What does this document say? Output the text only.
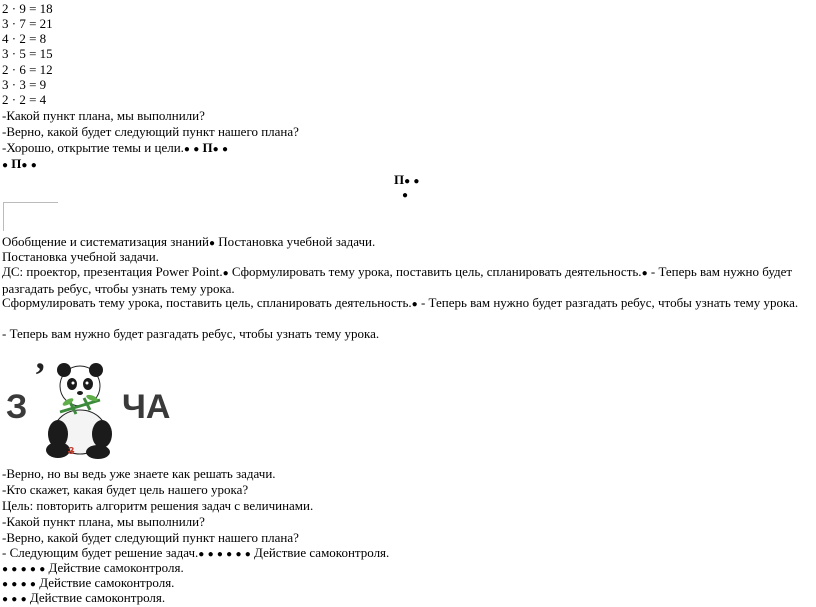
2 · 9 = 18
3 · 7 = 21
4 · 2 = 8
3 · 5 = 15
2 · 6 = 12
3 · 3 = 9
2 · 2 = 4
-Какой пункт плана, мы выполнили?
-Верно, какой будет следующий пункт нашего плана?
-Хорошо, открытие темы и цели.● ● П● ●
● П● ●
П● ●
●
Обобщение и систематизация знаний● Постановка учебной задачи.
Постановка учебной задачи.
ДС: проектор, презентация Power Point.● Сформулировать тему урока, поставить цель, спланировать деятельность.● - Теперь вам нужно будет разгадать ребус, чтобы узнать тему урока.
Сформулировать тему урока, поставить цель, спланировать деятельность.● - Теперь вам нужно будет разгадать ребус, чтобы узнать тему урока.
- Теперь вам нужно будет разгадать ребус, чтобы узнать тему урока.
З
’
ЧА
З
-Верно, но вы ведь уже знаете как решать задачи.
-Кто скажет, какая будет цель нашего урока?
Цель: повторить алгоритм решения задач с величинами.
-Какой пункт плана, мы выполнили?
-Верно, какой будет следующий пункт нашего плана?
- Следующим будет решение задач.● ● ● ● ● ● Действие самоконтроля.
● ● ● ● ● Действие самоконтроля.
● ● ● ● Действие самоконтроля.
● ● ● Действие самоконтроля.
